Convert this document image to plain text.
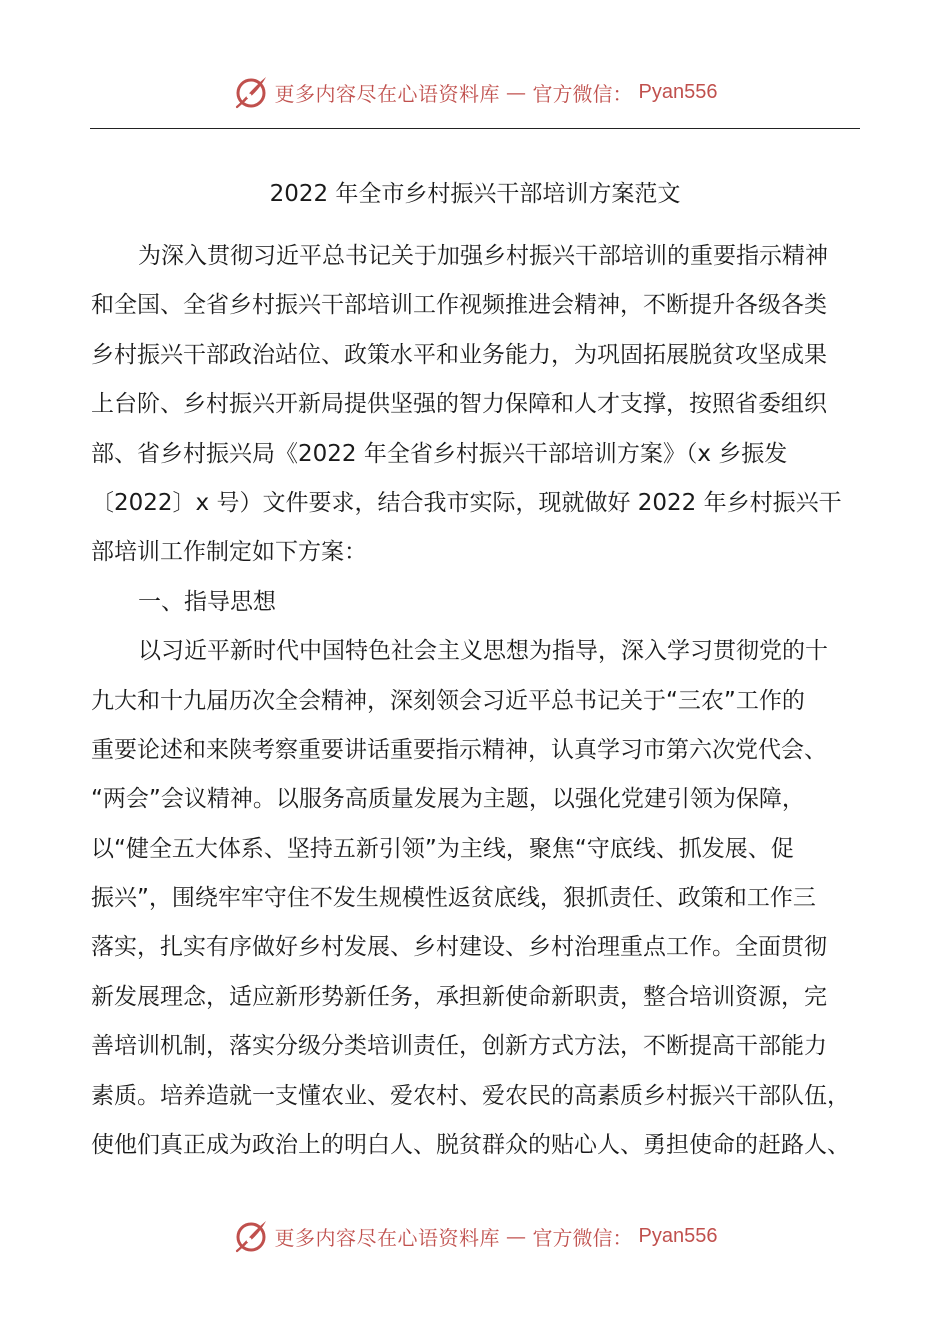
更多内容尽在心语资料库 — 官方微信： Pyan556
2022 年全市乡村振兴干部培训方案范文
为深入贯彻习近平总书记关于加强乡村振兴干部培训的重要指示精神
和全国、全省乡村振兴干部培训工作视频推进会精神，不断提升各级各类
乡村振兴干部政治站位、政策水平和业务能力，为巩固拓展脱贫攻坚成果
上台阶、乡村振兴开新局提供坚强的智力保障和人才支撑，按照省委组织
部、省乡村振兴局《2022 年全省乡村振兴干部培训方案》（x 乡振发
〔2022〕x 号）文件要求，结合我市实际，现就做好 2022 年乡村振兴干
部培训工作制定如下方案：
一、指导思想
以习近平新时代中国特色社会主义思想为指导，深入学习贯彻党的十
九大和十九届历次全会精神，深刻领会习近平总书记关于“三农”工作的
重要论述和来陕考察重要讲话重要指示精神，认真学习市第六次党代会、
“两会”会议精神。以服务高质量发展为主题，以强化党建引领为保障，
以“健全五大体系、坚持五新引领”为主线，聚焦“守底线、抓发展、促
振兴”，围绕牢牢守住不发生规模性返贫底线，狠抓责任、政策和工作三
落实，扎实有序做好乡村发展、乡村建设、乡村治理重点工作。全面贯彻
新发展理念，适应新形势新任务，承担新使命新职责，整合培训资源，完
善培训机制，落实分级分类培训责任，创新方式方法，不断提高干部能力
素质。培养造就一支懂农业、爱农村、爱农民的高素质乡村振兴干部队伍，
使他们真正成为政治上的明白人、脱贫群众的贴心人、勇担使命的赶路人、
更多内容尽在心语资料库 — 官方微信： Pyan556
